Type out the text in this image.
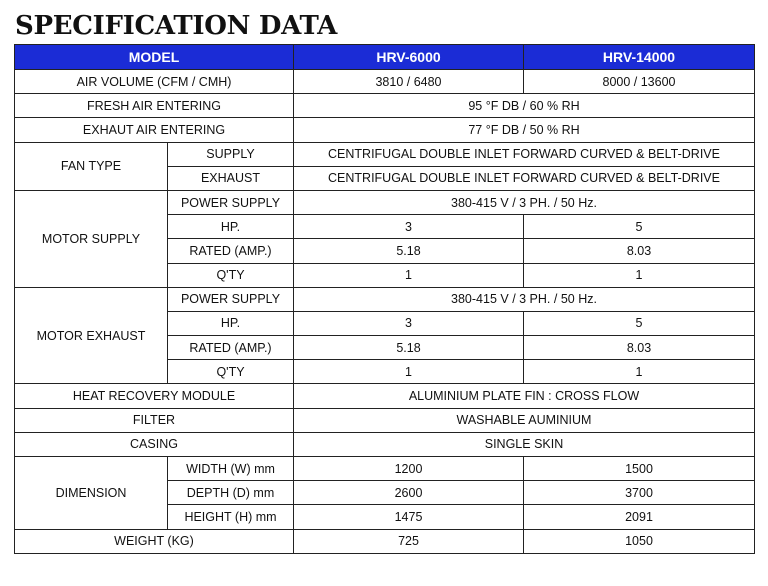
SPECIFICATION DATA
MODEL		HRV-6000	HRV-14000
AIR VOLUME (CFM / CMH)		3810 / 6480	8000 / 13600
FRESH AIR ENTERING		95 °F DB / 60 % RH	
EXHAUT AIR ENTERING		77 °F DB / 50 % RH	
FAN TYPE	SUPPLY	CENTRIFUGAL DOUBLE INLET FORWARD CURVED & BELT-DRIVE	
	EXHAUST	CENTRIFUGAL DOUBLE INLET FORWARD CURVED & BELT-DRIVE	
MOTOR SUPPLY	POWER SUPPLY	380-415 V / 3 PH. / 50 Hz.	
	HP.	3	5
	RATED (AMP.)	5.18	8.03
	Q'TY	1	1
MOTOR EXHAUST	POWER SUPPLY	380-415 V / 3 PH. / 50 Hz.	
	HP.	3	5
	RATED (AMP.)	5.18	8.03
	Q'TY	1	1
HEAT RECOVERY MODULE		ALUMINIUM PLATE FIN : CROSS FLOW	
FILTER		WASHABLE AUMINIUM	
CASING		SINGLE SKIN	
DIMENSION	WIDTH (W) mm	1200	1500
	DEPTH (D) mm	2600	3700
	HEIGHT (H) mm	1475	2091
WEIGHT (KG)		725	1050
